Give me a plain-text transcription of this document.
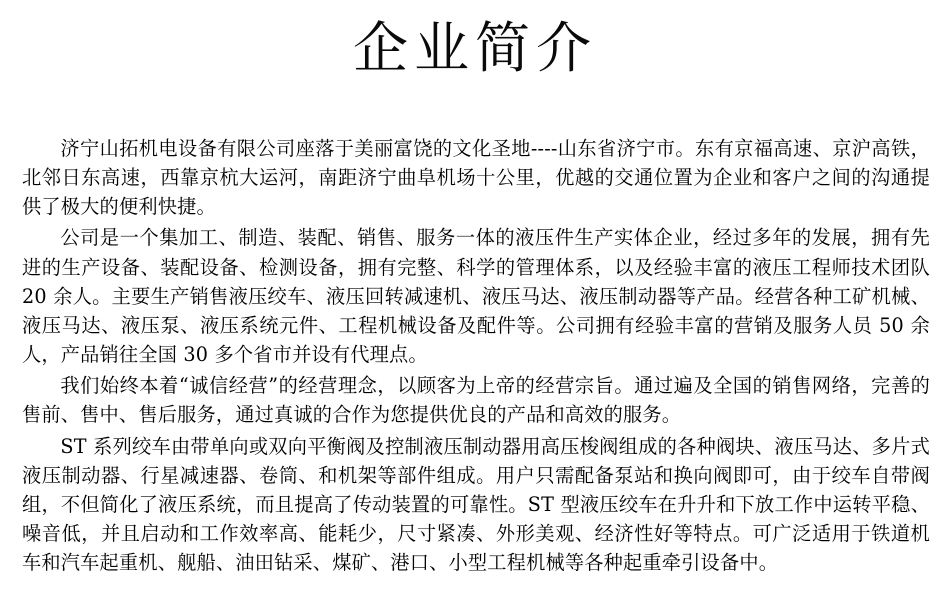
企业简介

济宁山拓机电设备有限公司座落于美丽富饶的文化圣地----山东省济宁市。东有京福高速、京沪高铁，北邻日东高速，西靠京杭大运河，南距济宁曲阜机场十公里，优越的交通位置为企业和客户之间的沟通提供了极大的便利快捷。

公司是一个集加工、制造、装配、销售、服务一体的液压件生产实体企业，经过多年的发展，拥有先进的生产设备、装配设备、检测设备，拥有完整、科学的管理体系，以及经验丰富的液压工程师技术团队 20 余人。主要生产销售液压绞车、液压回转减速机、液压马达、液压制动器等产品。经营各种工矿机械、液压马达、液压泵、液压系统元件、工程机械设备及配件等。公司拥有经验丰富的营销及服务人员 50 余人，产品销往全国 30 多个省市并设有代理点。

我们始终本着“诚信经营”的经营理念，以顾客为上帝的经营宗旨。通过遍及全国的销售网络，完善的售前、售中、售后服务，通过真诚的合作为您提供优良的产品和高效的服务。

ST 系列绞车由带单向或双向平衡阀及控制液压制动器用高压梭阀组成的各种阀块、液压马达、多片式液压制动器、行星减速器、卷筒、和机架等部件组成。用户只需配备泵站和换向阀即可，由于绞车自带阀组，不但简化了液压系统，而且提高了传动装置的可靠性。ST 型液压绞车在升升和下放工作中运转平稳、噪音低，并且启动和工作效率高、能耗少，尺寸紧凑、外形美观、经济性好等特点。可广泛适用于铁道机车和汽车起重机、舰船、油田钻采、煤矿、港口、小型工程机械等各种起重牵引设备中。
